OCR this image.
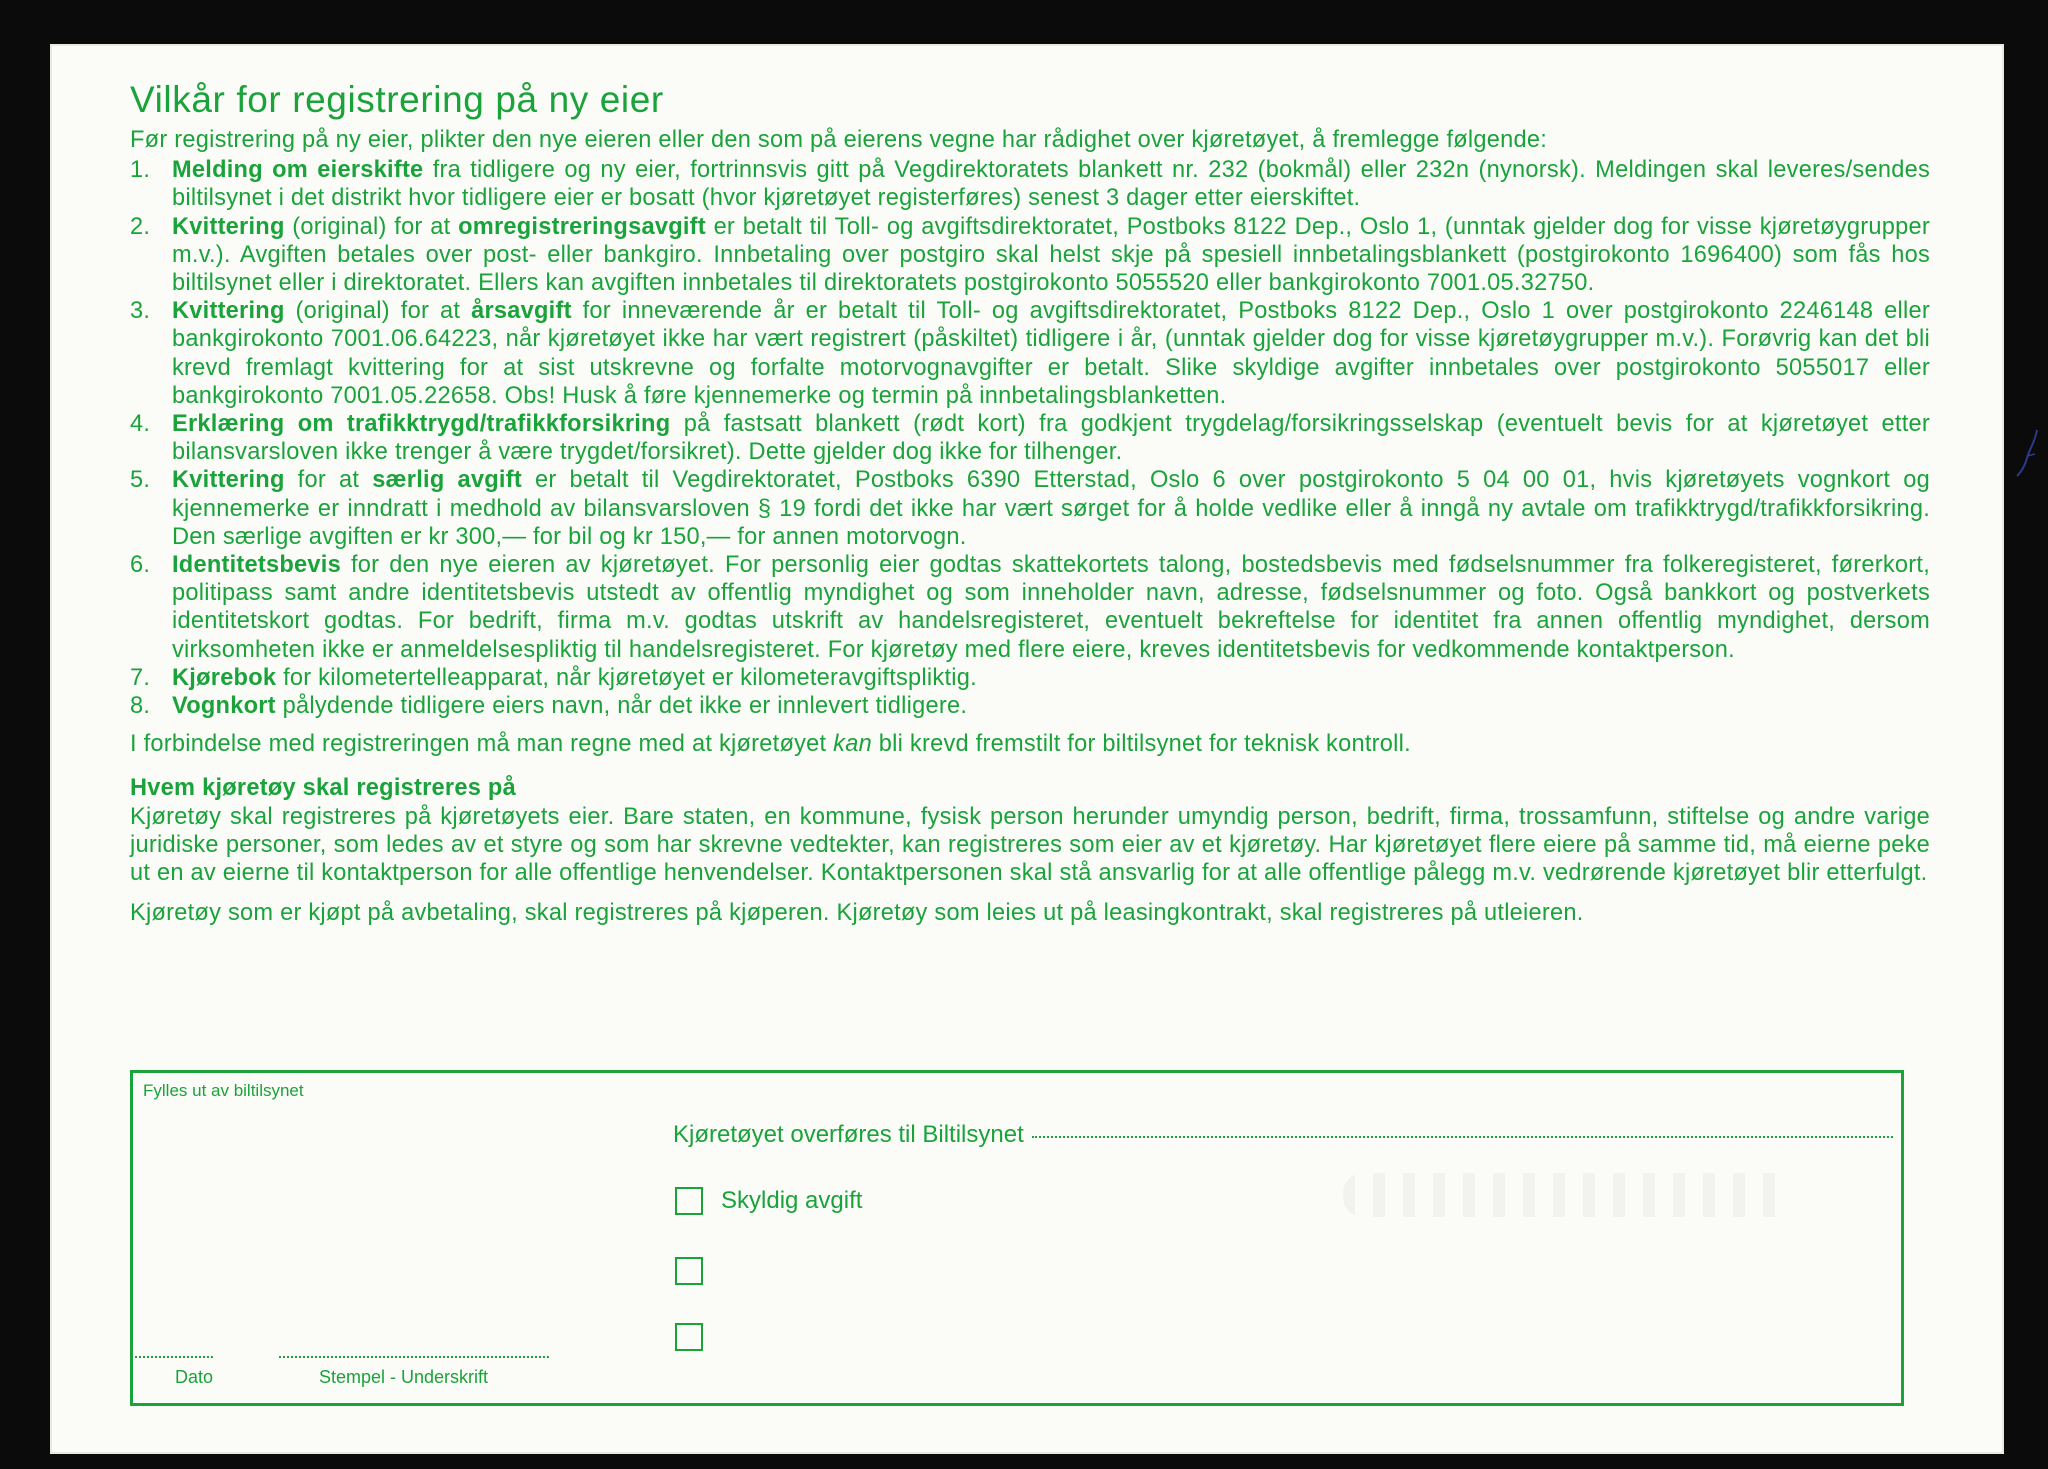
Vilkår for registrering på ny eier
Før registrering på ny eier, plikter den nye eieren eller den som på eierens vegne har rådighet over kjøretøyet, å fremlegge følgende:
1. Melding om eierskifte fra tidligere og ny eier, fortrinnsvis gitt på Vegdirektoratets blankett nr. 232 (bokmål) eller 232n (nynorsk). Meldingen skal leveres/sendes biltilsynet i det distrikt hvor tidligere eier er bosatt (hvor kjøretøyet registerføres) senest 3 dager etter eierskiftet.
2. Kvittering (original) for at omregistreringsavgift er betalt til Toll- og avgiftsdirektoratet, Postboks 8122 Dep., Oslo 1, (unntak gjelder dog for visse kjøretøygrupper m.v.). Avgiften betales over post- eller bankgiro. Innbetaling over postgiro skal helst skje på spesiell innbetalingsblankett (postgirokonto 1696400) som fås hos biltilsynet eller i direktoratet. Ellers kan avgiften innbetales til direktoratets postgirokonto 5055520 eller bankgirokonto 7001.05.32750.
3. Kvittering (original) for at årsavgift for inneværende år er betalt til Toll- og avgiftsdirektoratet, Postboks 8122 Dep., Oslo 1 over postgirokonto 2246148 eller bankgirokonto 7001.06.64223, når kjøretøyet ikke har vært registrert (påskiltet) tidligere i år, (unntak gjelder dog for visse kjøretøygrupper m.v.). Forøvrig kan det bli krevd fremlagt kvittering for at sist utskrevne og forfalte motorvognavgifter er betalt. Slike skyldige avgifter innbetales over postgirokonto 5055017 eller bankgirokonto 7001.05.22658. Obs! Husk å føre kjennemerke og termin på innbetalingsblanketten.
4. Erklæring om trafikktrygd/trafikkforsikring på fastsatt blankett (rødt kort) fra godkjent trygdelag/forsikringsselskap (eventuelt bevis for at kjøretøyet etter bilansvarsloven ikke trenger å være trygdet/forsikret). Dette gjelder dog ikke for tilhenger.
5. Kvittering for at særlig avgift er betalt til Vegdirektoratet, Postboks 6390 Etterstad, Oslo 6 over postgirokonto 5 04 00 01, hvis kjøretøyets vognkort og kjennemerke er inndratt i medhold av bilansvarsloven § 19 fordi det ikke har vært sørget for å holde vedlike eller å inngå ny avtale om trafikktrygd/trafikkforsikring. Den særlige avgiften er kr 300,— for bil og kr 150,— for annen motorvogn.
6. Identitetsbevis for den nye eieren av kjøretøyet. For personlig eier godtas skattekortets talong, bostedsbevis med fødselsnummer fra folkeregisteret, førerkort, politipass samt andre identitetsbevis utstedt av offentlig myndighet og som inneholder navn, adresse, fødselsnummer og foto. Også bankkort og postverkets identitetskort godtas. For bedrift, firma m.v. godtas utskrift av handelsregisteret, eventuelt bekreftelse for identitet fra annen offentlig myndighet, dersom virksomheten ikke er anmeldelsespliktig til handelsregisteret. For kjøretøy med flere eiere, kreves identitetsbevis for vedkommende kontaktperson.
7. Kjørebok for kilometertelleapparat, når kjøretøyet er kilometeravgiftspliktig.
8. Vognkort pålydende tidligere eiers navn, når det ikke er innlevert tidligere.
I forbindelse med registreringen må man regne med at kjøretøyet kan bli krevd fremstilt for biltilsynet for teknisk kontroll.
Hvem kjøretøy skal registreres på
Kjøretøy skal registreres på kjøretøyets eier. Bare staten, en kommune, fysisk person herunder umyndig person, bedrift, firma, trossamfunn, stiftelse og andre varige juridiske personer, som ledes av et styre og som har skrevne vedtekter, kan registreres som eier av et kjøretøy. Har kjøretøyet flere eiere på samme tid, må eierne peke ut en av eierne til kontaktperson for alle offentlige henvendelser. Kontaktpersonen skal stå ansvarlig for at alle offentlige pålegg m.v. vedrørende kjøretøyet blir etterfulgt.
Kjøretøy som er kjøpt på avbetaling, skal registreres på kjøperen. Kjøretøy som leies ut på leasingkontrakt, skal registreres på utleieren.
Fylles ut av biltilsynet
Kjøretøyet overføres til Biltilsynet
Skyldig avgift
Dato	Stempel - Underskrift
